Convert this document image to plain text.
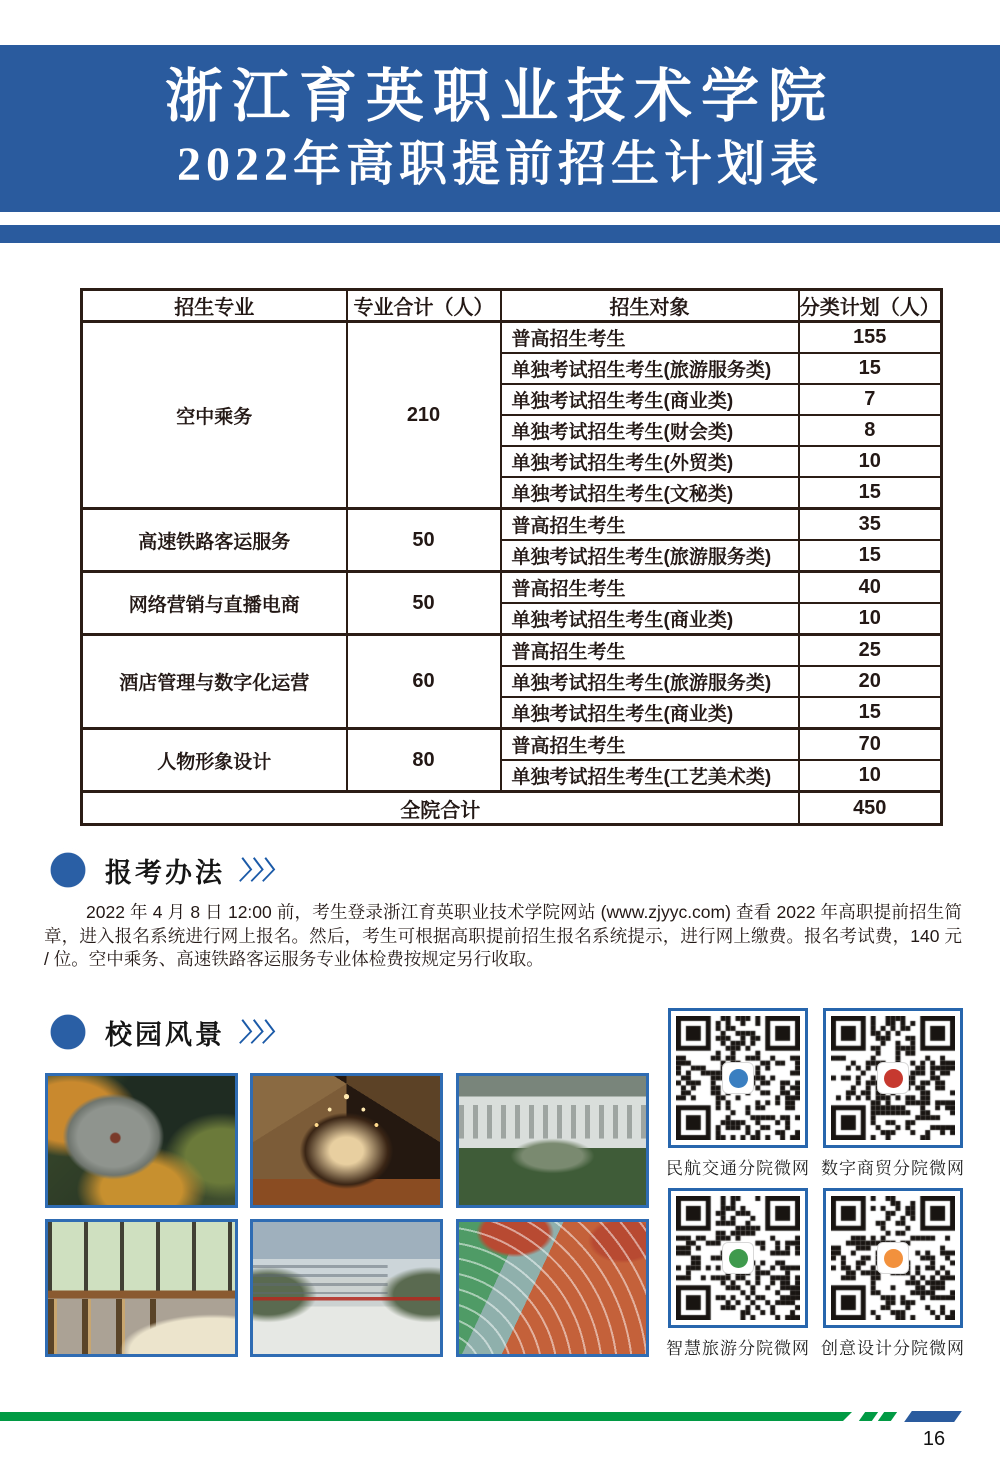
浙江育英职业技术学院
2022年高职提前招生计划表
招生专业	专业合计（人）	招生对象	分类计划（人）
空中乘务	210	普高招生考生	155
		单独考试招生考生(旅游服务类)	15
		单独考试招生考生(商业类)	7
		单独考试招生考生(财会类)	8
		单独考试招生考生(外贸类)	10
		单独考试招生考生(文秘类)	15
高速铁路客运服务	50	普高招生考生	35
		单独考试招生考生(旅游服务类)	15
网络营销与直播电商	50	普高招生考生	40
		单独考试招生考生(商业类)	10
酒店管理与数字化运营	60	普高招生考生	25
		单独考试招生考生(旅游服务类)	20
		单独考试招生考生(商业类)	15
人物形象设计	80	普高招生考生	70
		单独考试招生考生(工艺美术类)	10
全院合计			450
报考办法 〉〉〉
2022 年 4 月 8 日 12:00 前，考生登录浙江育英职业技术学院网站 (www.zjyyc.com) 查看 2022 年高职提前招生简章，进入报名系统进行网上报名。然后，考生可根据高职提前招生报名系统提示，进行网上缴费。报名考试费，140 元 / 位。空中乘务、高速铁路客运服务专业体检费按规定另行收取。
校园风景 〉〉〉
民航交通分院微网 数字商贸分院微网
智慧旅游分院微网 创意设计分院微网
16
